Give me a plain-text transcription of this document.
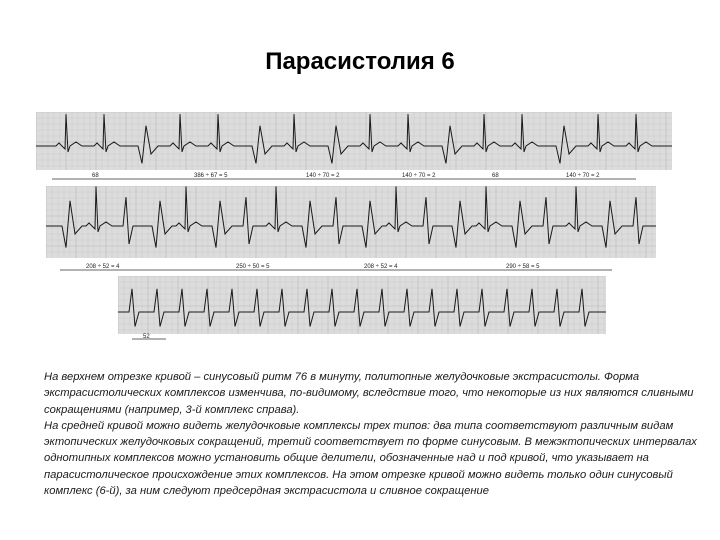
Парасистолия 6
68	386 ÷ 67 = 5	140 ÷ 70 = 2	140 ÷ 70 = 2	68	140 ÷ 70 = 2
208 ÷ 52 = 4	250 ÷ 50 = 5	208 ÷ 52 = 4	290 ÷ 58 = 5
52

На верхнем отрезке кривой – синусовый ритм 76 в минуту, политопные желудочковые экстрасистолы. Форма экстрасистолических комплексов изменчива, по-видимому, вследствие того, что некоторые из них являются сливными сокращениями (например, 3-й комплекс справа).

На средней кривой можно видеть желудочковые комплексы трех типов: два типа соответствуют различным видам эктопических желудочковых сокращений, третий соответствует по форме синусовым. В межэктопических интервалах однотипных комплексов можно установить общие делители, обозначенные над и под кривой, что указывает на парасистолическое происхождение этих комплексов. На этом отрезке кривой можно видеть только один синусовый комплекс (6-й), за ним следуют предсердная экстрасистола и сливное сокращение
